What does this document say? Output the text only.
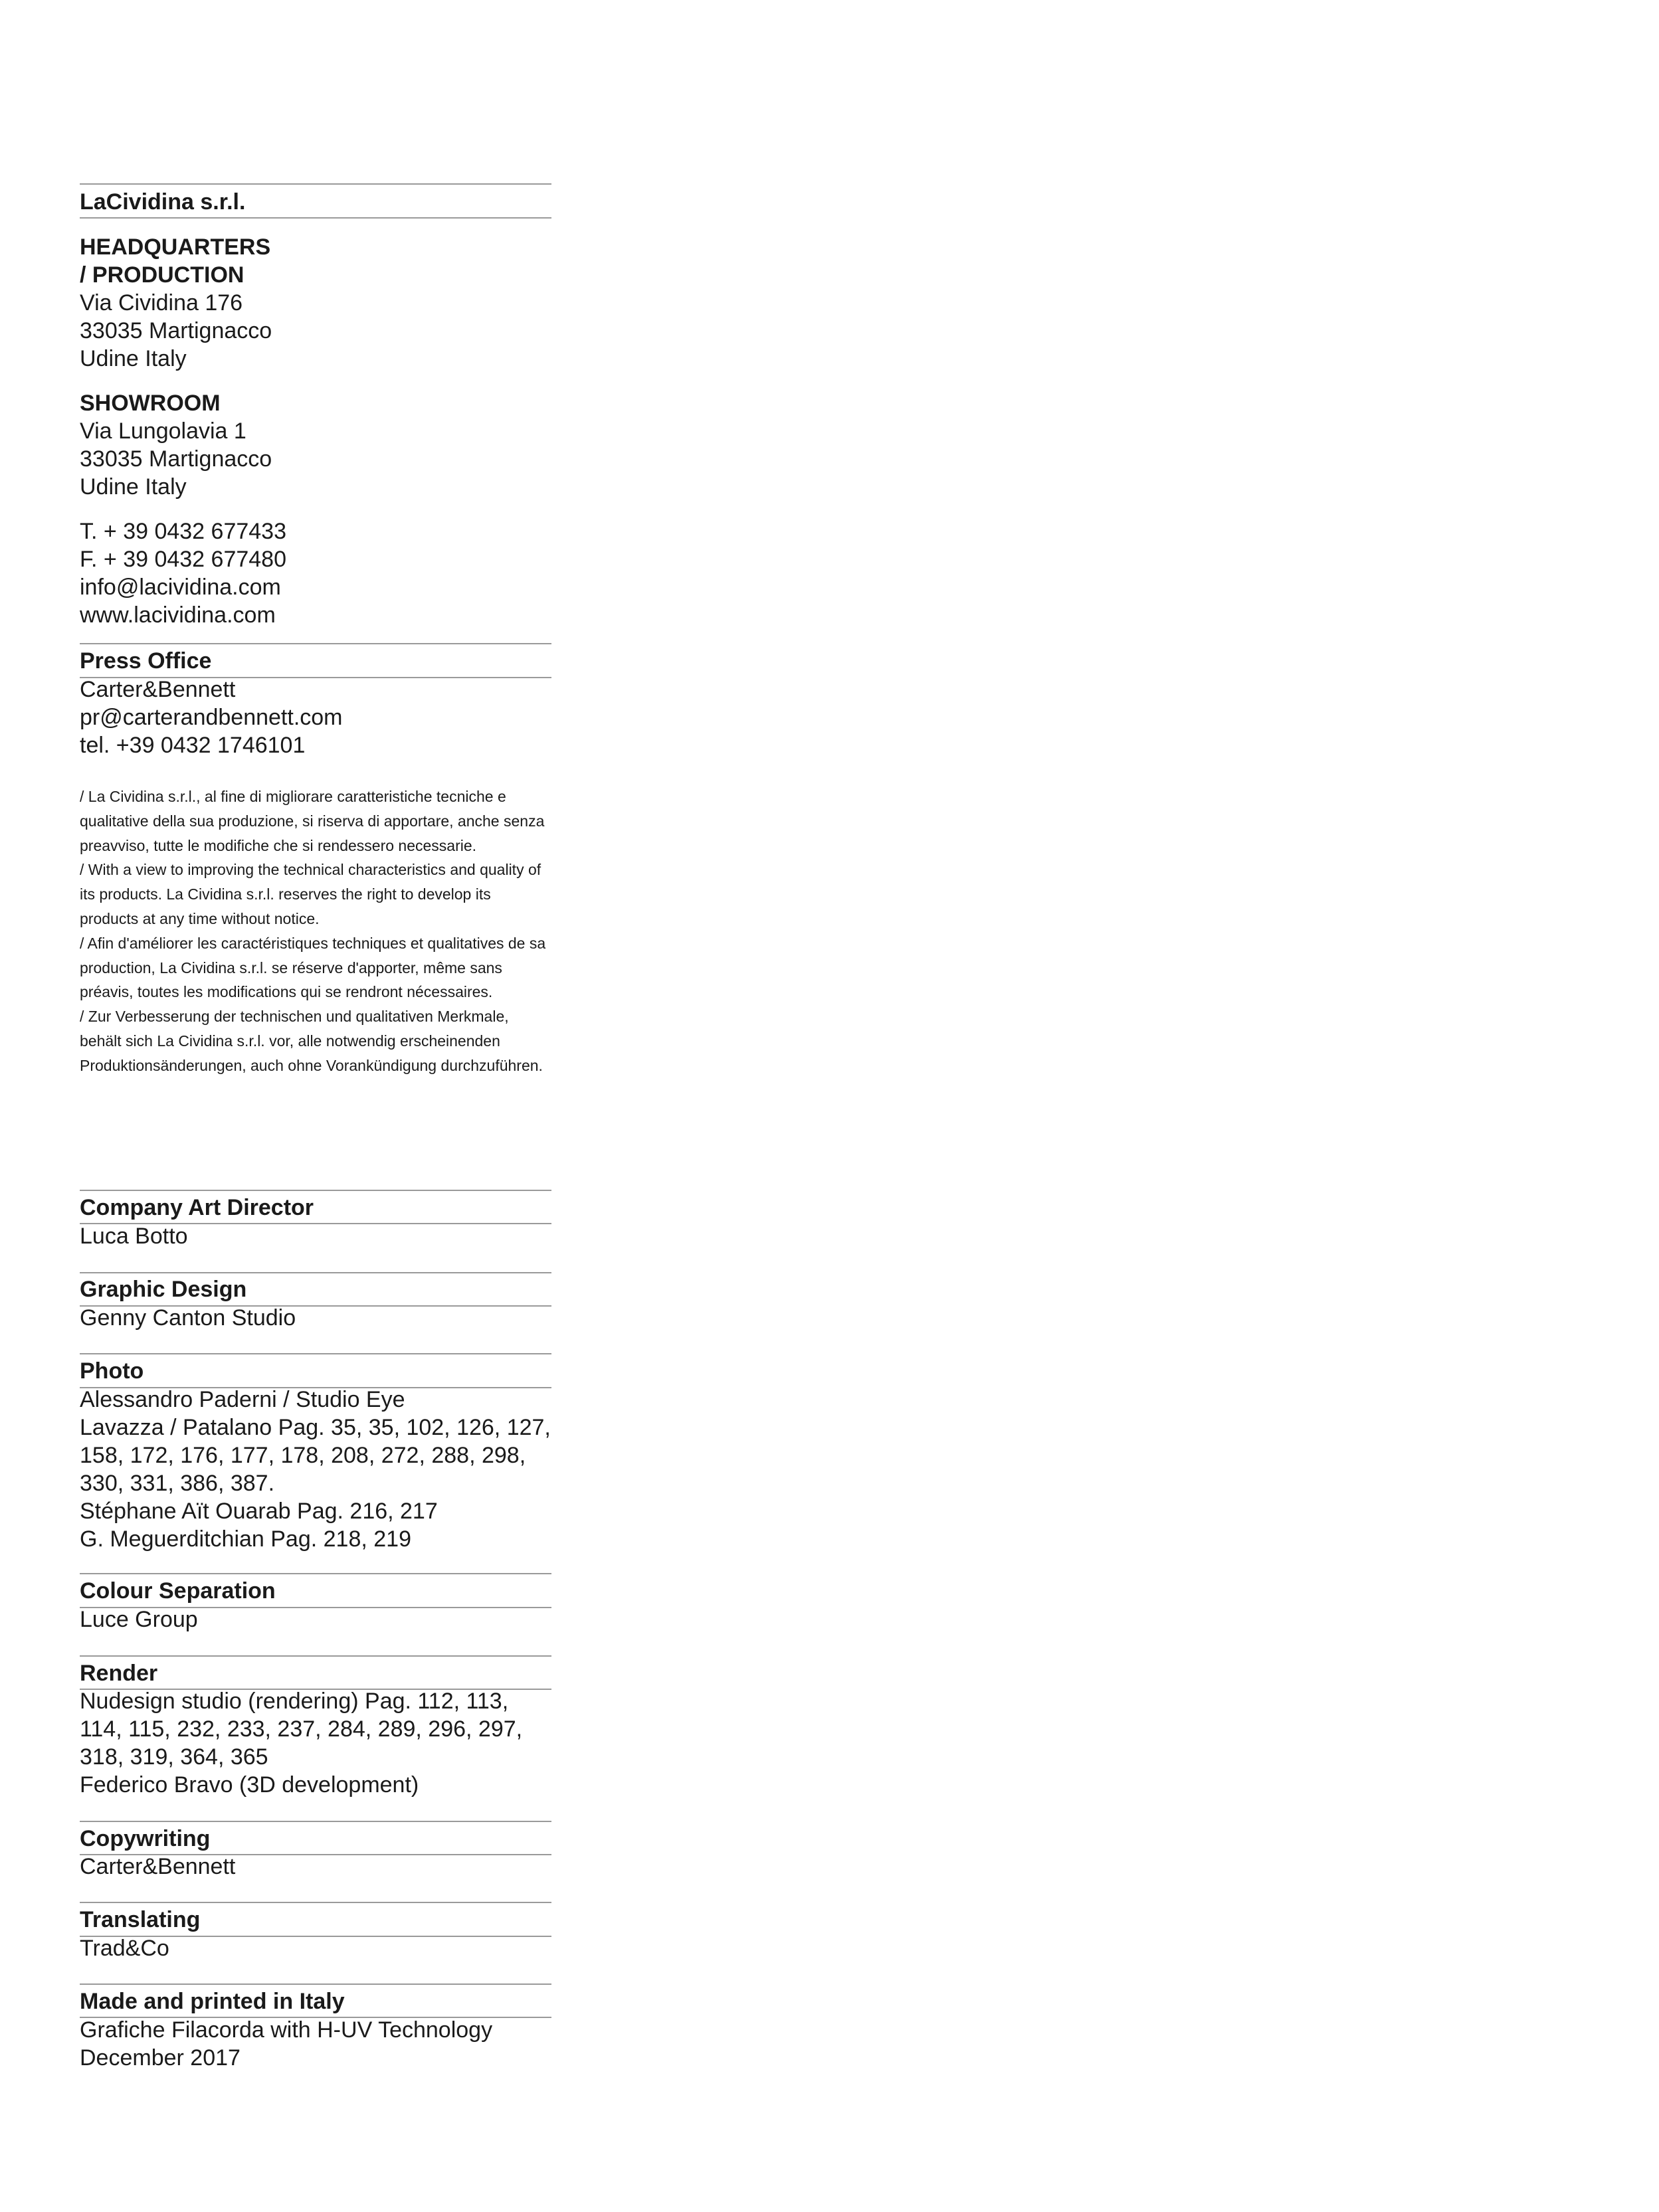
LaCividina s.r.l.
HEADQUARTERS
/ PRODUCTION
Via Cividina 176
33035 Martignacco
Udine Italy
SHOWROOM
Via Lungolavia 1
33035 Martignacco
Udine Italy
T. + 39 0432 677433
F. + 39 0432 677480
info@lacividina.com
www.lacividina.com
Press Office
Carter&Bennett
pr@carterandbennett.com
tel. +39 0432 1746101

/ La Cividina s.r.l., al fine di migliorare caratteristiche tecniche e qualitative della sua produzione, si riserva di apportare, anche senza preavviso, tutte le modifiche che si rendessero necessarie.

/ With a view to improving the technical characteristics and quality of its products. La Cividina s.r.l. reserves the right to develop its products at any time without notice.

/ Afin d'améliorer les caractéristiques techniques et qualitatives de sa production, La Cividina s.r.l. se réserve d'apporter, même sans préavis, toutes les modifications qui se rendront nécessaires.

/ Zur Verbesserung der technischen und qualitativen Merkmale, behält sich La Cividina s.r.l. vor, alle notwendig erscheinenden Produktionsänderungen, auch ohne Vorankündigung durchzuführen.

Company Art Director
Luca Botto
Graphic Design
Genny Canton Studio
Photo
Alessandro Paderni / Studio Eye
Lavazza / Patalano Pag. 35, 35, 102, 126, 127,
158, 172, 176, 177, 178, 208, 272, 288, 298,
330, 331, 386, 387.
Stéphane Aït Ouarab Pag. 216, 217
G. Meguerditchian Pag. 218, 219
Colour Separation
Luce Group
Render
Nudesign studio (rendering) Pag. 112, 113,
114, 115, 232, 233, 237, 284, 289, 296, 297,
318, 319, 364, 365
Federico Bravo (3D development)
Copywriting
Carter&Bennett
Translating
Trad&Co
Made and printed in Italy
Grafiche Filacorda with H-UV Technology
December 2017
